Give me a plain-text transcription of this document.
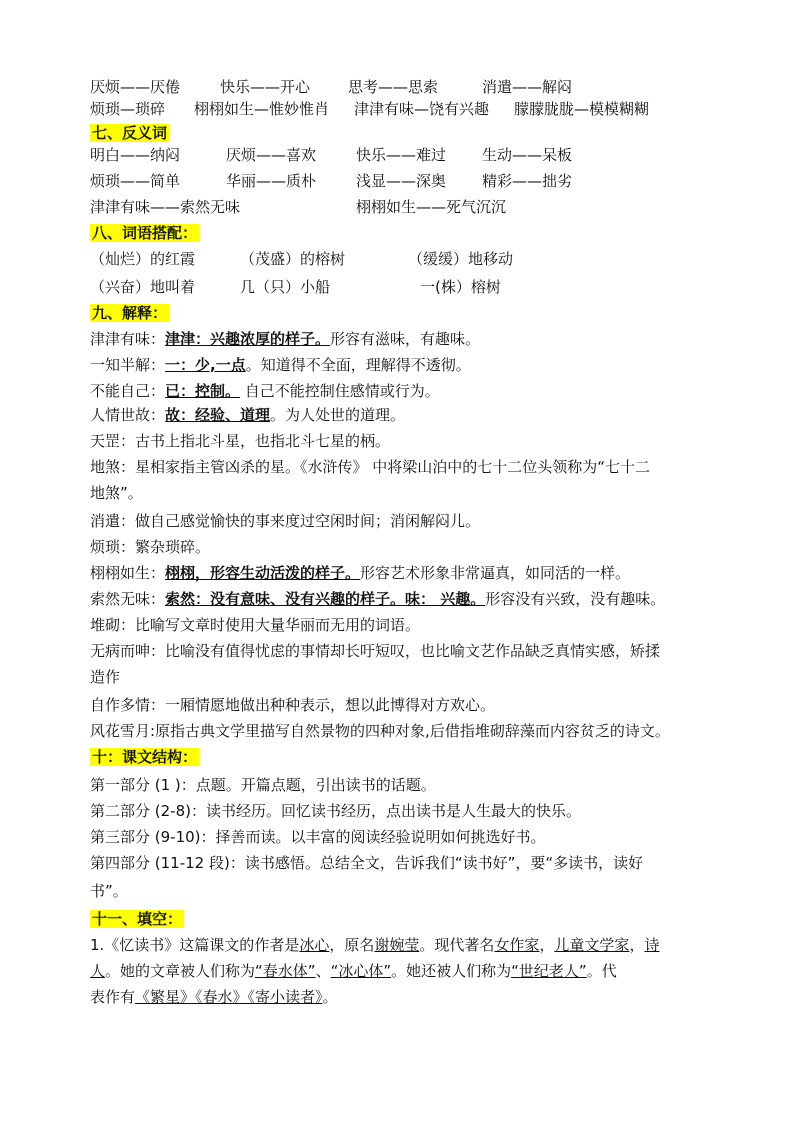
厌烦——厌倦	快乐——开心	思考——思索	消遣——解闷
烦琐—琐碎 栩栩如生—惟妙惟肖 津津有味—饶有兴趣 朦朦胧胧—模模糊糊
七、反义词
明白——纳闷	厌烦——喜欢	快乐——难过 生动——呆板
烦琐——简单	华丽——质朴	浅显——深奥 精彩——拙劣
津津有味——索然无味	栩栩如生——死气沉沉
八、词语搭配：
（灿烂）的红霞	（茂盛）的榕树	（缓缓）地移动
（兴奋）地叫着	几（只）小船	一(株）榕树
九、解释：
津津有味：津津：兴趣浓厚的样子。形容有滋味，有趣味。
一知半解：一：少,一点。知道得不全面，理解得不透彻。
不能自己：已：控制。 自己不能控制住感情或行为。
人情世故：故：经验、道理。为人处世的道理。
天罡：古书上指北斗星，也指北斗七星的柄。
地煞：星相家指主管凶杀的星。《水浒传》 中将梁山泊中的七十二位头领称为“七十二
地煞”。
消遣：做自己感觉愉快的事来度过空闲时间；消闲解闷儿。
烦琐：繁杂琐碎。
栩栩如生：栩栩，形容生动活泼的样子。形容艺术形象非常逼真，如同活的一样。
索然无味：索然：没有意味、没有兴趣的样子。味： 兴趣。形容没有兴致，没有趣味。
堆砌：比喻写文章时使用大量华丽而无用的词语。
无病而呻：比喻没有值得忧虑的事情却长吁短叹，也比喻文艺作品缺乏真情实感，矫揉
造作
自作多情：一厢情愿地做出种种表示，想以此博得对方欢心。
风花雪月:原指古典文学里描写自然景物的四种对象,后借指堆砌辞藻而内容贫乏的诗文。
十：课文结构：
第一部分 (1 )：点题。开篇点题，引出读书的话题。
第二部分 (2-8)：读书经历。回忆读书经历，点出读书是人生最大的快乐。
第三部分 (9-10)：择善而读。以丰富的阅读经验说明如何挑选好书。
第四部分 (11-12 段)：读书感悟。总结全文，告诉我们“读书好”，要“多读书，读好
书”。
十一、填空：
1.《忆读书》这篇课文的作者是冰心，原名谢婉莹。现代著名女作家，儿童文学家，诗
人。她的文章被人们称为“春水体”、“冰心体”。她还被人们称为“世纪老人”。代
表作有《繁星》《春水》《寄小读者》。
